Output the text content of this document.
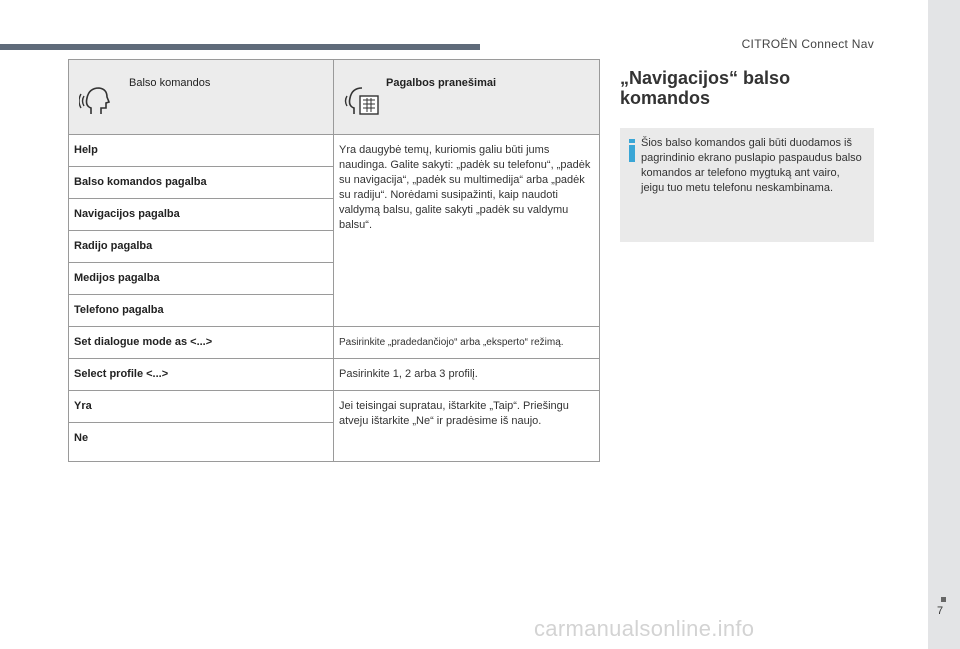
CITROËN Connect Nav
Balso komandos	Pagalbos pranešimai

Help	Yra daugybė temų, kuriomis galiu būti jums naudinga. Galite sakyti: „padėk su telefonu“, „padėk su navigacija“, „padėk su multimedija“ arba „padėk su radiju“. Norėdami susipažinti, kaip naudoti valdymą balsu, galite sakyti „padėk su valdymu balsu“.
Balso komandos pagalba	
Navigacijos pagalba	
Radijo pagalba	
Medijos pagalba	
Telefono pagalba	
Set dialogue mode as <...>	Pasirinkite „pradedančiojo“ arba „eksperto“ režimą.
Select profile <...>	Pasirinkite 1, 2 arba 3 profilį.
Yra	Jei teisingai supratau, ištarkite „Taip“. Priešingu atveju ištarkite „Ne“ ir pradėsime iš naujo.
Ne	
„Navigacijos“ balso komandos
Šios balso komandos gali būti duodamos iš pagrindinio ekrano puslapio paspaudus balso komandos ar telefono mygtuką ant vairo, jeigu tuo metu telefonu neskambinama.
7
carmanualsonline.info
